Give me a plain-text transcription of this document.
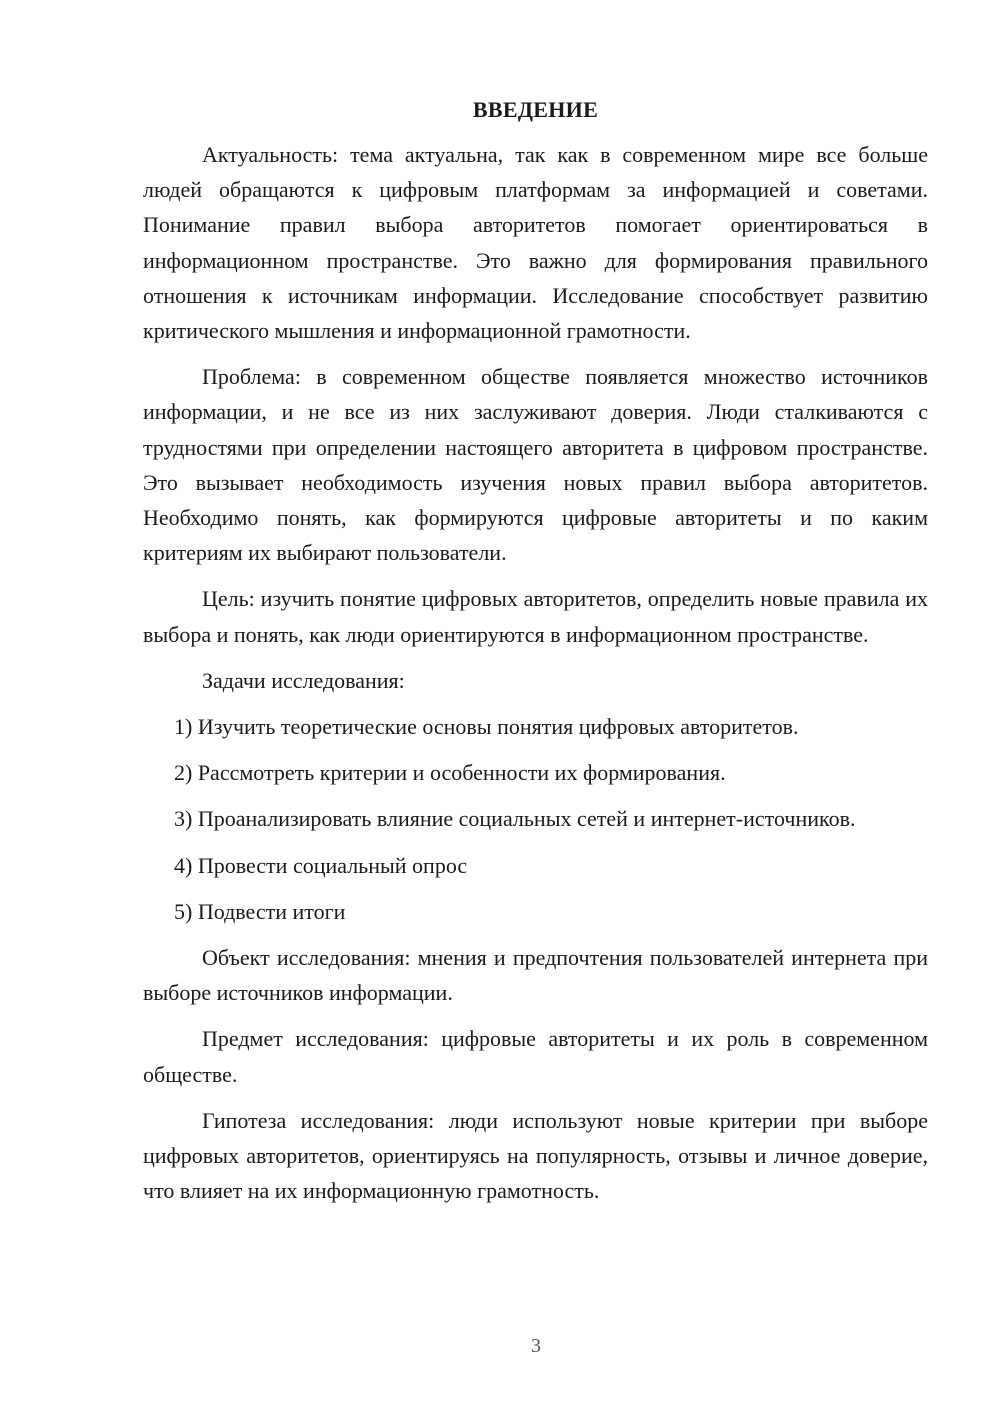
ВВЕДЕНИЕ

Актуальность: тема актуальна, так как в современном мире все больше людей обращаются к цифровым платформам за информацией и советами. Понимание правил выбора авторитетов помогает ориентироваться в информационном пространстве. Это важно для формирования правильного отношения к источникам информации. Исследование способствует развитию критического мышления и информационной грамотности.

Проблема: в современном обществе появляется множество источников информации, и не все из них заслуживают доверия. Люди сталкиваются с трудностями при определении настоящего авторитета в цифровом пространстве. Это вызывает необходимость изучения новых правил выбора авторитетов. Необходимо понять, как формируются цифровые авторитеты и по каким критериям их выбирают пользователи.

Цель: изучить понятие цифровых авторитетов, определить новые правила их выбора и понять, как люди ориентируются в информационном пространстве.

Задачи исследования:

1) Изучить теоретические основы понятия цифровых авторитетов.

2) Рассмотреть критерии и особенности их формирования.

3) Проанализировать влияние социальных сетей и интернет-источников.

4) Провести социальный опрос

5) Подвести итоги

Объект исследования: мнения и предпочтения пользователей интернета при выборе источников информации.

Предмет исследования: цифровые авторитеты и их роль в современном обществе.

Гипотеза исследования: люди используют новые критерии при выборе цифровых авторитетов, ориентируясь на популярность, отзывы и личное доверие, что влияет на их информационную грамотность.

3
